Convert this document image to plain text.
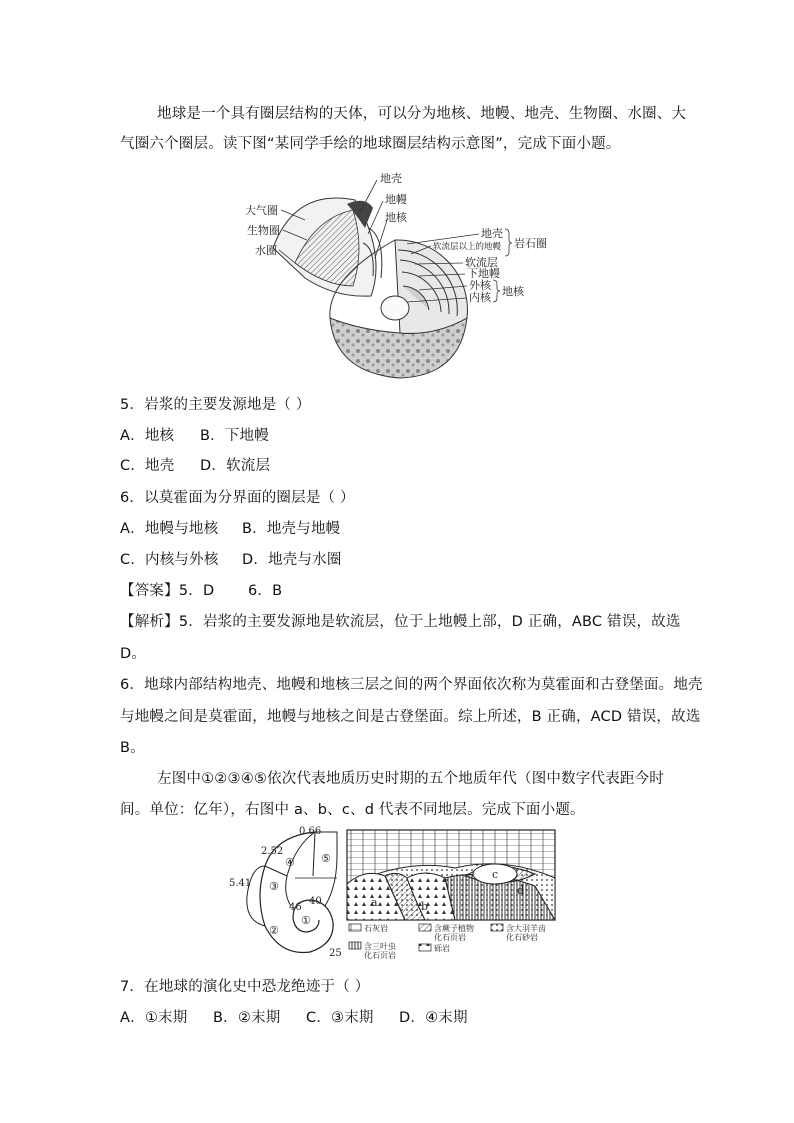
地球是一个具有圈层结构的天体，可以分为地核、地幔、地壳、生物圈、水圈、大
气圈六个圈层。读下图“某同学手绘的地球圈层结构示意图”，完成下面小题。
地壳
地幔
地核
大气圈
生物圈
水圈
地壳
软流层以上的地幔
软流层
下地幔
外核
内核
岩石圈
地核
5．岩浆的主要发源地是（ ）
A．地核 B．下地幔
C．地壳 D．软流层
6．以莫霍面为分界面的圈层是（ ）
A．地幔与地核 B．地壳与地幔
C．内核与外核 D．地壳与水圈
【答案】5．D       6．B
【解析】5．岩浆的主要发源地是软流层，位于上地幔上部，D 正确，ABC 错误，故选
D。
6．地球内部结构地壳、地幔和地核三层之间的两个界面依次称为莫霍面和古登堡面。地壳
与地幔之间是莫霍面，地幔与地核之间是古登堡面。综上所述，B 正确，ACD 错误，故选
B。
左图中①②③④⑤依次代表地质历史时期的五个地质年代（图中数字代表距今时
间。单位：亿年），右图中 a、b、c、d 代表不同地层。完成下面小题。
0.66
2.52
5.41
46
40
25
⑤
④
③
②
①
a	b
c
d
石灰岩	含蕨子植物
化石页岩
含大羽羊齿
化石砂岩
含三叶虫
化石页岩
砾岩
7．在地球的演化史中恐龙绝迹于（ ）
A．①末期 B．②末期 C．③末期 D．④末期
